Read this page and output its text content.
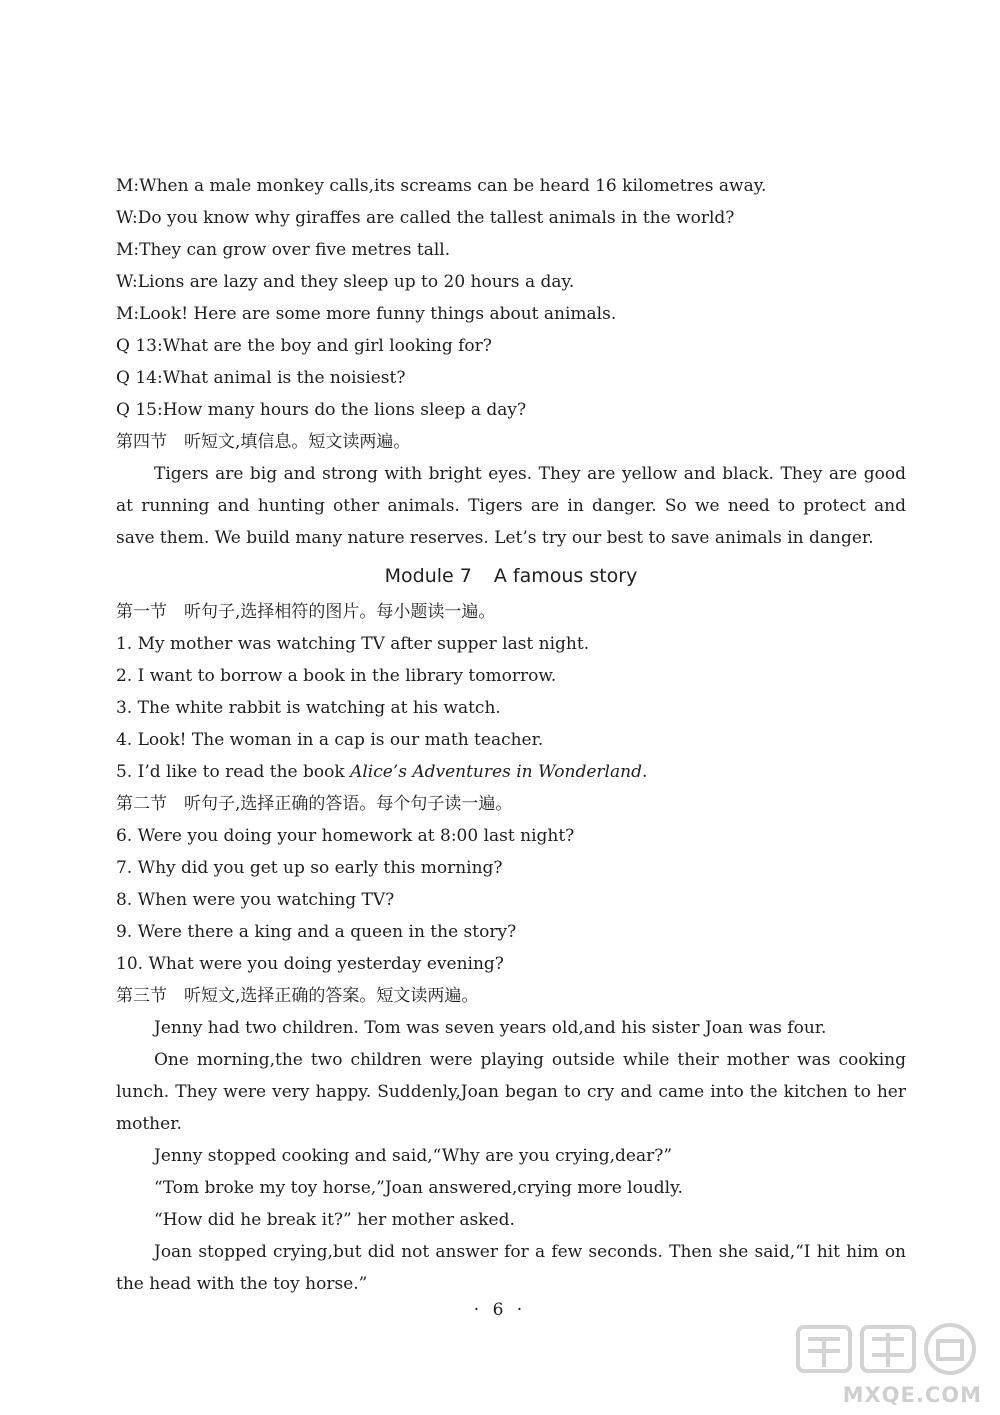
M:When a male monkey calls,its screams can be heard 16 kilometres away.
W:Do you know why giraffes are called the tallest animals in the world?
M:They can grow over five metres tall.
W:Lions are lazy and they sleep up to 20 hours a day.
M:Look! Here are some more funny things about animals.
Q 13:What are the boy and girl looking for?
Q 14:What animal is the noisiest?
Q 15:How many hours do the lions sleep a day?
第四节　听短文,填信息。短文读两遍。
Tigers are big and strong with bright eyes. They are yellow and black. They are good at running and hunting other animals. Tigers are in danger. So we need to protect and save them. We build many nature reserves. Let’s try our best to save animals in danger.
Module 7 A famous story
第一节　听句子,选择相符的图片。每小题读一遍。
1. My mother was watching TV after supper last night.
2. I want to borrow a book in the library tomorrow.
3. The white rabbit is watching at his watch.
4. Look! The woman in a cap is our math teacher.
5. I’d like to read the book Alice’s Adventures in Wonderland.
第二节　听句子,选择正确的答语。每个句子读一遍。
6. Were you doing your homework at 8:00 last night?
7. Why did you get up so early this morning?
8. When were you watching TV?
9. Were there a king and a queen in the story?
10. What were you doing yesterday evening?
第三节　听短文,选择正确的答案。短文读两遍。
Jenny had two children. Tom was seven years old,and his sister Joan was four.
One morning,the two children were playing outside while their mother was cooking lunch. They were very happy. Suddenly,Joan began to cry and came into the kitchen to her mother.
Jenny stopped cooking and said,“Why are you crying,dear?”
“Tom broke my toy horse,”Joan answered,crying more loudly.
“How did he break it?” her mother asked.
Joan stopped crying,but did not answer for a few seconds. Then she said,“I hit him on the head with the toy horse.”
· 6 ·
MXQE.COM
